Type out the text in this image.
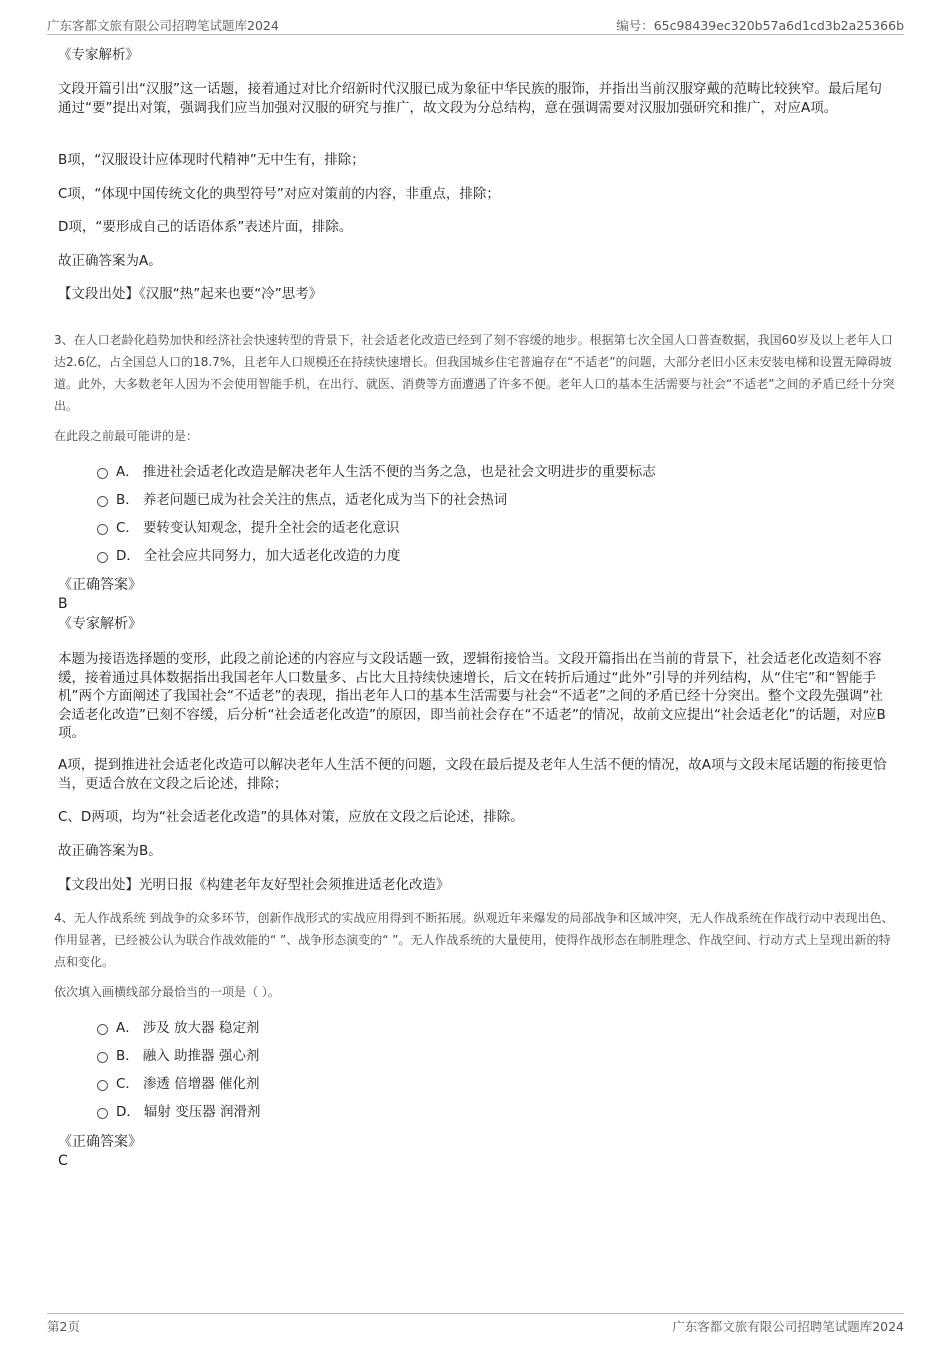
广东客都文旅有限公司招聘笔试题库2024	编号：65c98439ec320b57a6d1cd3b2a25366b
《专家解析》

文段开篇引出“汉服”这一话题，接着通过对比介绍新时代汉服已成为象征中华民族的服饰，并指出当前汉服穿戴的范畴比较狭窄。最后尾句通过“要”提出对策，强调我们应当加强对汉服的研究与推广，故文段为分总结构，意在强调需要对汉服加强研究和推广，对应A项。

B项，“汉服设计应体现时代精神”无中生有，排除；

C项，“体现中国传统文化的典型符号”对应对策前的内容，非重点，排除；

D项，“要形成自己的话语体系”表述片面，排除。

故正确答案为A。

【文段出处】《汉服“热”起来也要“冷”思考》

3、在人口老龄化趋势加快和经济社会快速转型的背景下，社会适老化改造已经到了刻不容缓的地步。根据第七次全国人口普查数据，我国60岁及以上老年人口达2.6亿，占全国总人口的18.7%，且老年人口规模还在持续快速增长。但我国城乡住宅普遍存在“不适老”的问题，大部分老旧小区未安装电梯和设置无障碍坡道。此外，大多数老年人因为不会使用智能手机，在出行、就医、消费等方面遭遇了许多不便。老年人口的基本生活需要与社会“不适老”之间的矛盾已经十分突出。

在此段之前最可能讲的是：

A． 推进社会适老化改造是解决老年人生活不便的当务之急，也是社会文明进步的重要标志
B． 养老问题已成为社会关注的焦点，适老化成为当下的社会热词
C． 要转变认知观念，提升全社会的适老化意识
D． 全社会应共同努力，加大适老化改造的力度
《正确答案》
B
《专家解析》

本题为接语选择题的变形，此段之前论述的内容应与文段话题一致，逻辑衔接恰当。文段开篇指出在当前的背景下，社会适老化改造刻不容缓，接着通过具体数据指出我国老年人口数量多、占比大且持续快速增长，后文在转折后通过“此外”引导的并列结构，从“住宅”和“智能手机”两个方面阐述了我国社会“不适老”的表现，指出老年人口的基本生活需要与社会“不适老”之间的矛盾已经十分突出。整个文段先强调“社会适老化改造”已刻不容缓，后分析“社会适老化改造”的原因，即当前社会存在“不适老”的情况，故前文应提出“社会适老化”的话题，对应B项。

A项，提到推进社会适老化改造可以解决老年人生活不便的问题，文段在最后提及老年人生活不便的情况，故A项与文段末尾话题的衔接更恰当，更适合放在文段之后论述，排除；

C、D两项，均为“社会适老化改造”的具体对策，应放在文段之后论述，排除。

故正确答案为B。

【文段出处】光明日报《构建老年友好型社会须推进适老化改造》

4、无人作战系统 到战争的众多环节，创新作战形式的实战应用得到不断拓展。纵观近年来爆发的局部战争和区域冲突，无人作战系统在作战行动中表现出色、作用显著，已经被公认为联合作战效能的“ ”、战争形态演变的“ ”。无人作战系统的大量使用，使得作战形态在制胜理念、作战空间、行动方式上呈现出新的特点和变化。

依次填入画横线部分最恰当的一项是（ ）。

A． 涉及 放大器 稳定剂
B． 融入 助推器 强心剂
C． 渗透 倍增器 催化剂
D． 辐射 变压器 润滑剂
《正确答案》
C
第2页	广东客都文旅有限公司招聘笔试题库2024
